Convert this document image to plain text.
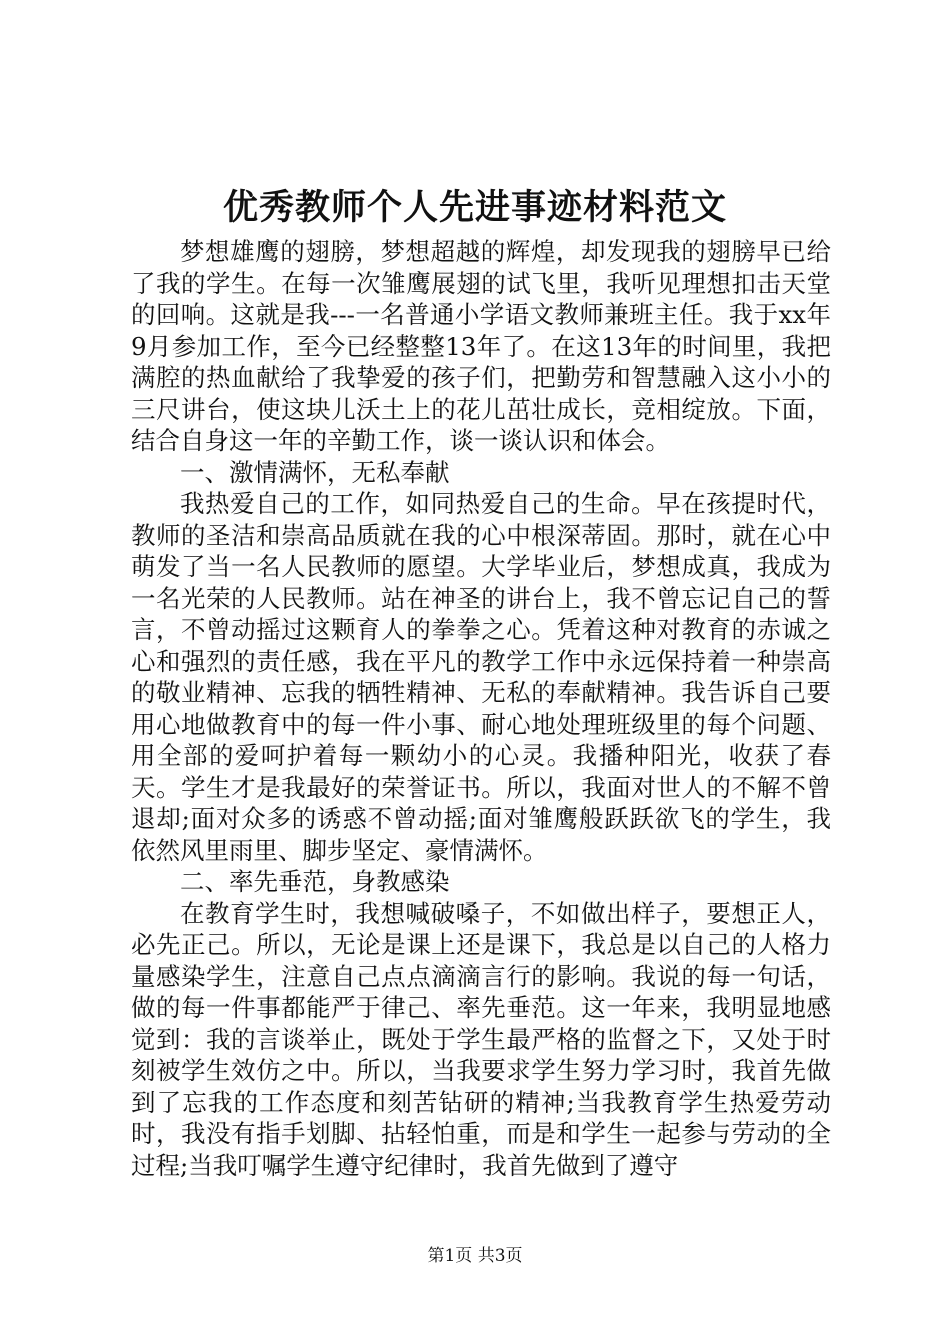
优秀教师个人先进事迹材料范文

梦想雄鹰的翅膀，梦想超越的辉煌，却发现我的翅膀早已给了我的学生。在每一次雏鹰展翅的试飞里，我听见理想扣击天堂的回响。这就是我---一名普通小学语文教师兼班主任。我于xx年9月参加工作，至今已经整整13年了。在这13年的时间里，我把满腔的热血献给了我挚爱的孩子们，把勤劳和智慧融入这小小的三尺讲台，使这块儿沃土上的花儿茁壮成长，竞相绽放。下面，结合自身这一年的辛勤工作，谈一谈认识和体会。

一、激情满怀，无私奉献

我热爱自己的工作，如同热爱自己的生命。早在孩提时代，教师的圣洁和崇高品质就在我的心中根深蒂固。那时，就在心中萌发了当一名人民教师的愿望。大学毕业后，梦想成真，我成为一名光荣的人民教师。站在神圣的讲台上，我不曾忘记自己的誓言，不曾动摇过这颗育人的拳拳之心。凭着这种对教育的赤诚之心和强烈的责任感，我在平凡的教学工作中永远保持着一种崇高的敬业精神、忘我的牺牲精神、无私的奉献精神。我告诉自己要用心地做教育中的每一件小事、耐心地处理班级里的每个问题、用全部的爱呵护着每一颗幼小的心灵。我播种阳光，收获了春天。学生才是我最好的荣誉证书。所以，我面对世人的不解不曾退却;面对众多的诱惑不曾动摇;面对雏鹰般跃跃欲飞的学生，我依然风里雨里、脚步坚定、豪情满怀。

二、率先垂范，身教感染

在教育学生时，我想喊破嗓子，不如做出样子，要想正人，必先正己。所以，无论是课上还是课下，我总是以自己的人格力量感染学生，注意自己点点滴滴言行的影响。我说的每一句话，做的每一件事都能严于律己、率先垂范。这一年来，我明显地感觉到：我的言谈举止，既处于学生最严格的监督之下，又处于时刻被学生效仿之中。所以，当我要求学生努力学习时，我首先做到了忘我的工作态度和刻苦钻研的精神;当我教育学生热爱劳动时，我没有指手划脚、拈轻怕重，而是和学生一起参与劳动的全过程;当我叮嘱学生遵守纪律时，我首先做到了遵守

第1页 共3页
